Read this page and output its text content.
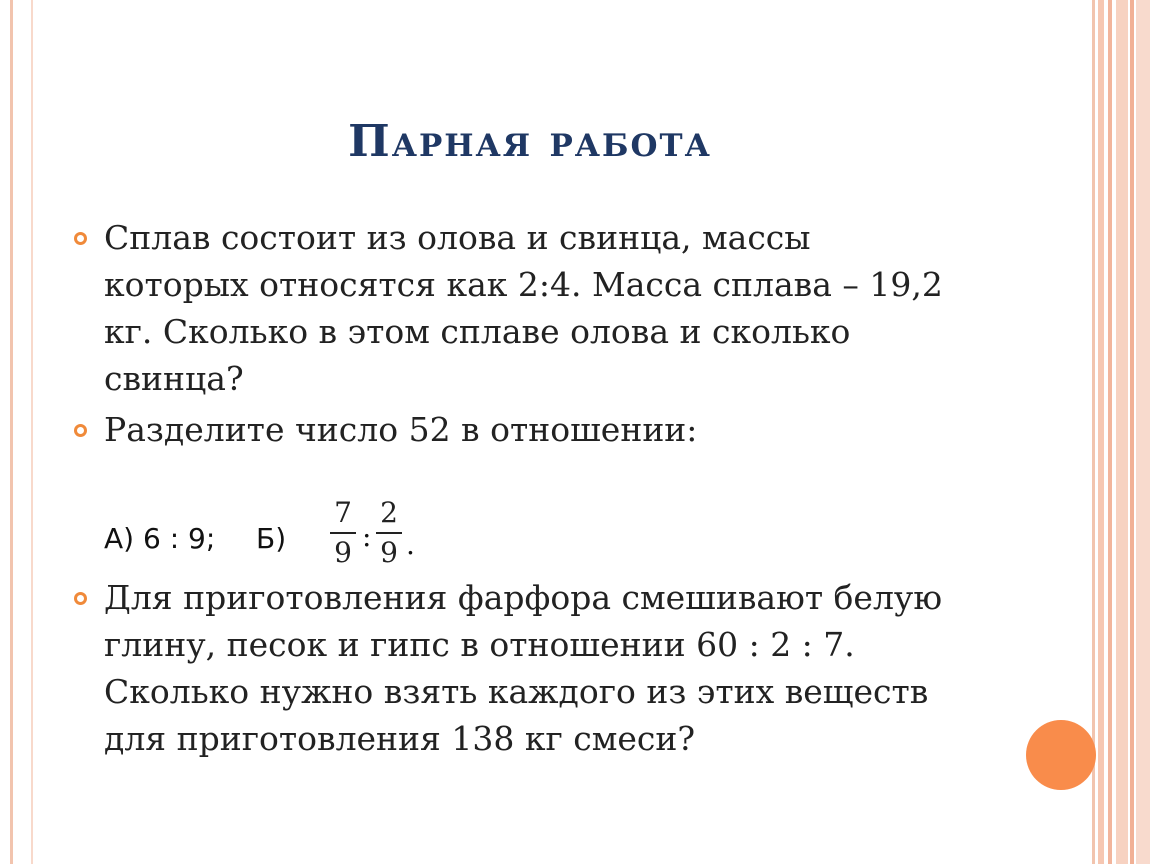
Парная работа
Сплав состоит из олова и свинца, массы
которых относятся как 2:4. Масса сплава – 19,2
кг. Сколько в этом сплаве олова и сколько
свинца?
Разделите число 52 в отношении:
А) 6 : 9; Б)
7
9 :
2
9 .
Для приготовления фарфора смешивают белую
глину, песок и гипс в отношении 60 : 2 : 7.
Сколько нужно взять каждого из этих веществ
для приготовления 138 кг смеси?
